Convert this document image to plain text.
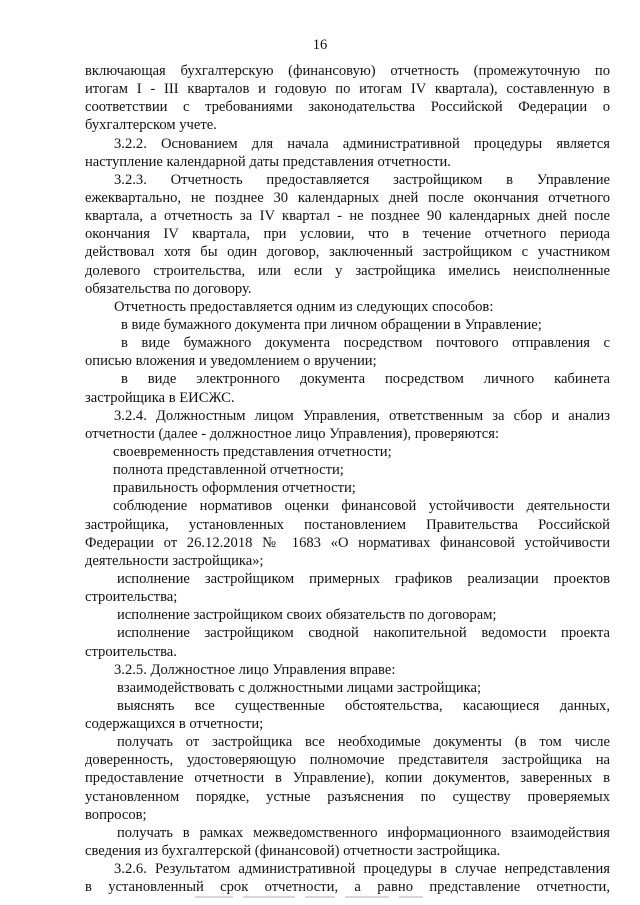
16
включающая бухгалтерскую (финансовую) отчетность (промежуточную по
итогам I - III кварталов и годовую по итогам IV квартала), составленную в
соответствии с требованиями законодательства Российской Федерации о
бухгалтерском учете.
3.2.2. Основанием для начала административной процедуры является
наступление календарной даты представления отчетности.
3.2.3. Отчетность предоставляется застройщиком в Управление
ежеквартально, не позднее 30 календарных дней после окончания отчетного
квартала, а отчетность за IV квартал - не позднее 90 календарных дней после
окончания IV квартала, при условии, что в течение отчетного периода
действовал хотя бы один договор, заключенный застройщиком с участником
долевого строительства, или если у застройщика имелись неисполненные
обязательства по договору.
Отчетность предоставляется одним из следующих способов:
в виде бумажного документа при личном обращении в Управление;
в виде бумажного документа посредством почтового отправления с
описью вложения и уведомлением о вручении;
в виде электронного документа посредством личного кабинета
застройщика в ЕИСЖС.
3.2.4. Должностным лицом Управления, ответственным за сбор и анализ
отчетности (далее - должностное лицо Управления), проверяются:
своевременность представления отчетности;
полнота представленной отчетности;
правильность оформления отчетности;
соблюдение нормативов оценки финансовой устойчивости деятельности
застройщика, установленных постановлением Правительства Российской
Федерации от 26.12.2018 № 1683 «О нормативах финансовой устойчивости
деятельности застройщика»;
исполнение застройщиком примерных графиков реализации проектов
строительства;
исполнение застройщиком своих обязательств по договорам;
исполнение застройщиком сводной накопительной ведомости проекта
строительства.
3.2.5. Должностное лицо Управления вправе:
взаимодействовать с должностными лицами застройщика;
выяснять все существенные обстоятельства, касающиеся данных,
содержащихся в отчетности;
получать от застройщика все необходимые документы (в том числе
доверенность, удостоверяющую полномочие представителя застройщика на
предоставление отчетности в Управление), копии документов, заверенных в
установленном порядке, устные разъяснения по существу проверяемых
вопросов;
получать в рамках межведомственного информационного взаимодействия
сведения из бухгалтерской (финансовой) отчетности застройщика.
3.2.6. Результатом административной процедуры в случае непредставления
в установленный срок отчетности, а равно представление отчетности,
